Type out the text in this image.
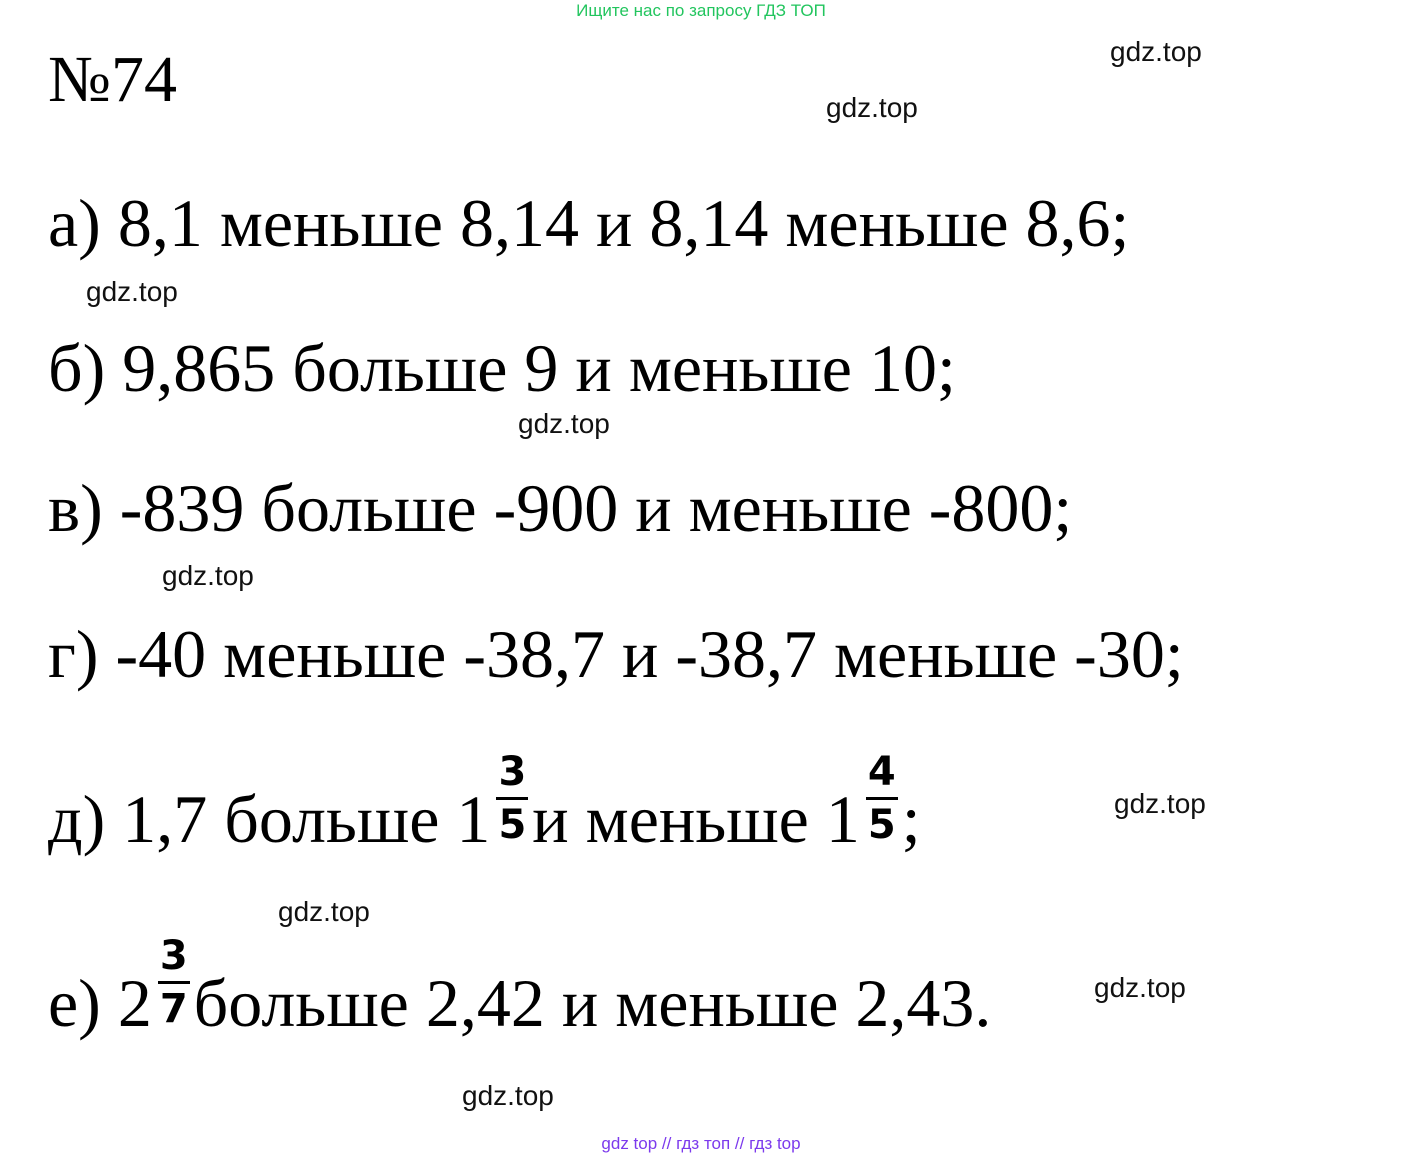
Ищите нас по запросу ГДЗ ТОП
№74	gdz.top
gdz.top
а) 8,1 меньше 8,14 и 8,14 меньше 8,6;
gdz.top
б) 9,865 больше 9 и меньше 10;
gdz.top
в) -839 больше -900 и меньше -800;
gdz.top
г) -40 меньше -38,7 и -38,7 меньше -30;
д) 1,7 больше $1 \frac{3}{5}$ и меньше $1 \frac{4}{5}$ ;	gdz.top
gdz.top
е) $2 \frac{3}{7}$ больше 2,42 и меньше 2,43.	gdz.top
gdz.top
gdz top // гдз топ // гдз top
